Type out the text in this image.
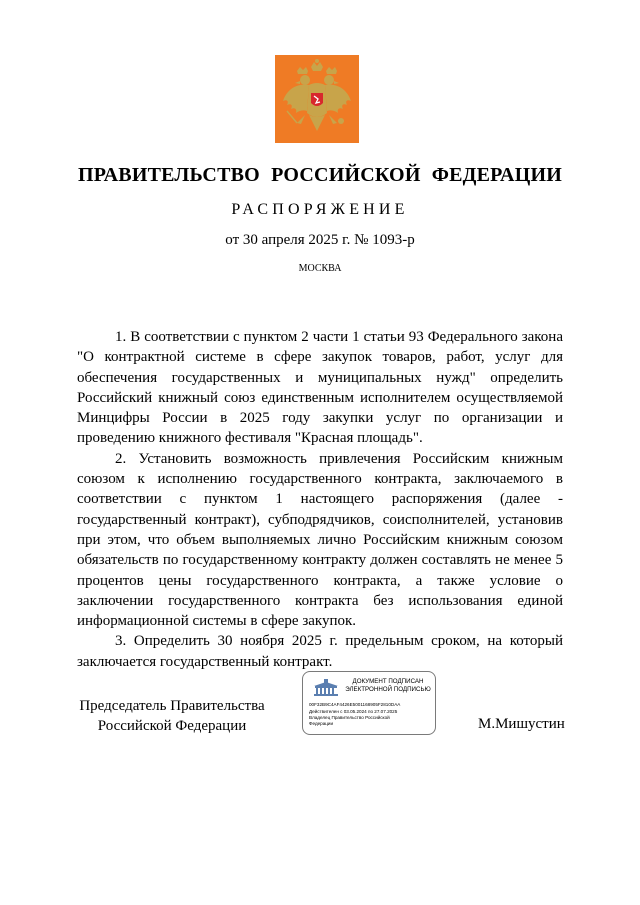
ПРАВИТЕЛЬСТВО РОССИЙСКОЙ ФЕДЕРАЦИИ
РАСПОРЯЖЕНИЕ
от 30 апреля 2025 г. № 1093-р
МОСКВА

1. В соответствии с пунктом 2 части 1 статьи 93 Федерального закона "О контрактной системе в сфере закупок товаров, работ, услуг для обеспечения государственных и муниципальных нужд" определить Российский книжный союз единственным исполнителем осуществляемой Минцифры России в 2025 году закупки услуг по организации и проведению книжного фестиваля "Красная площадь".

2. Установить возможность привлечения Российским книжным союзом к исполнению государственного контракта, заключаемого в соответствии с пунктом 1 настоящего распоряжения (далее - государственный контракт), субподрядчиков, соисполнителей, установив при этом, что объем выполняемых лично Российским книжным союзом обязательств по государственному контракту должен составлять не менее 5 процентов цены государственного контракта, а также условие о заключении государственного контракта без использования единой информационной системы в сфере закупок.

3. Определить 30 ноября 2025 г. предельным сроком, на который заключается государственный контракт.

Председатель Правительства
Российской Федерации
ДОКУМЕНТ ПОДПИСАН
ЭЛЕКТРОННОЙ ПОДПИСЬЮ
00F32B9C4AF4426E5001168905F2810DAA
Действителен с 03.05.2024 по 27.07.2025
Владелец Правительство Российской
Федерации	М.Мишустин
